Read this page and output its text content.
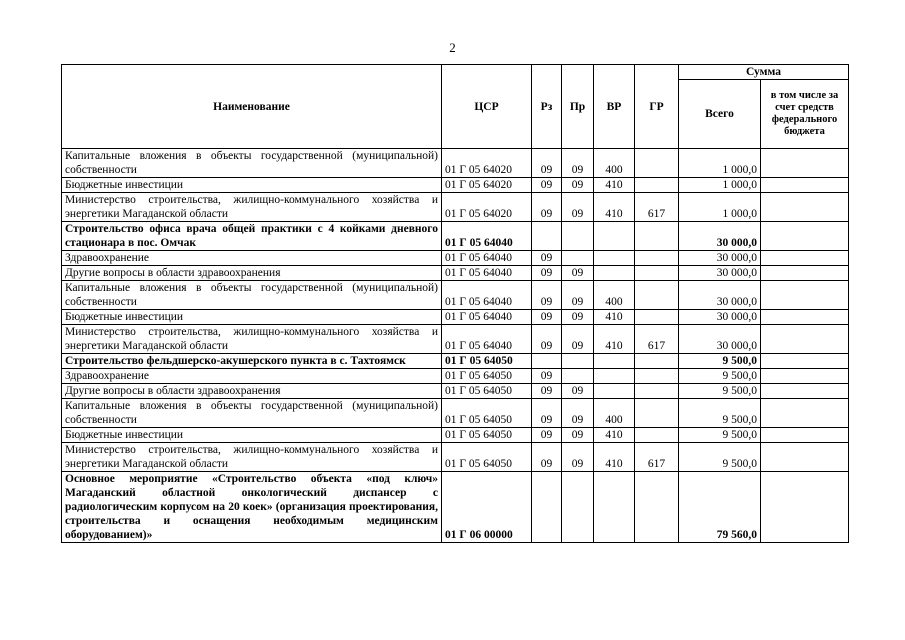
2
Наименование	ЦСР	Рз	Пр	ВР	ГР	Сумма	
						Всего	в том числе за счет средств федерального бюджета
Капитальные вложения в объекты государственной (муниципальной) собственности	01 Г 05 64020	09	09	400		1 000,0	
Бюджетные инвестиции	01 Г 05 64020	09	09	410		1 000,0	
Министерство строительства, жилищно-коммунального хозяйства и энергетики Магаданской области	01 Г 05 64020	09	09	410	617	1 000,0	
Строительство офиса врача общей практики с 4 койками дневного стационара в пос. Омчак	01 Г 05 64040					30 000,0	
Здравоохранение	01 Г 05 64040	09				30 000,0	
Другие вопросы в области здравоохранения	01 Г 05 64040	09	09			30 000,0	
Капитальные вложения в объекты государственной (муниципальной) собственности	01 Г 05 64040	09	09	400		30 000,0	
Бюджетные инвестиции	01 Г 05 64040	09	09	410		30 000,0	
Министерство строительства, жилищно-коммунального хозяйства и энергетики Магаданской области	01 Г 05 64040	09	09	410	617	30 000,0	
Строительство фельдшерско-акушерского пункта в с. Тахтоямск	01 Г 05 64050					9 500,0	
Здравоохранение	01 Г 05 64050	09				9 500,0	
Другие вопросы в области здравоохранения	01 Г 05 64050	09	09			9 500,0	
Капитальные вложения в объекты государственной (муниципальной) собственности	01 Г 05 64050	09	09	400		9 500,0	
Бюджетные инвестиции	01 Г 05 64050	09	09	410		9 500,0	
Министерство строительства, жилищно-коммунального хозяйства и энергетики Магаданской области	01 Г 05 64050	09	09	410	617	9 500,0	
Основное мероприятие «Строительство объекта «под ключ» Магаданский областной онкологический диспансер с радиологическим корпусом на 20 коек» (организация проектирования, строительства и оснащения необходимым медицинским оборудованием)»	01 Г 06 00000					79 560,0	
